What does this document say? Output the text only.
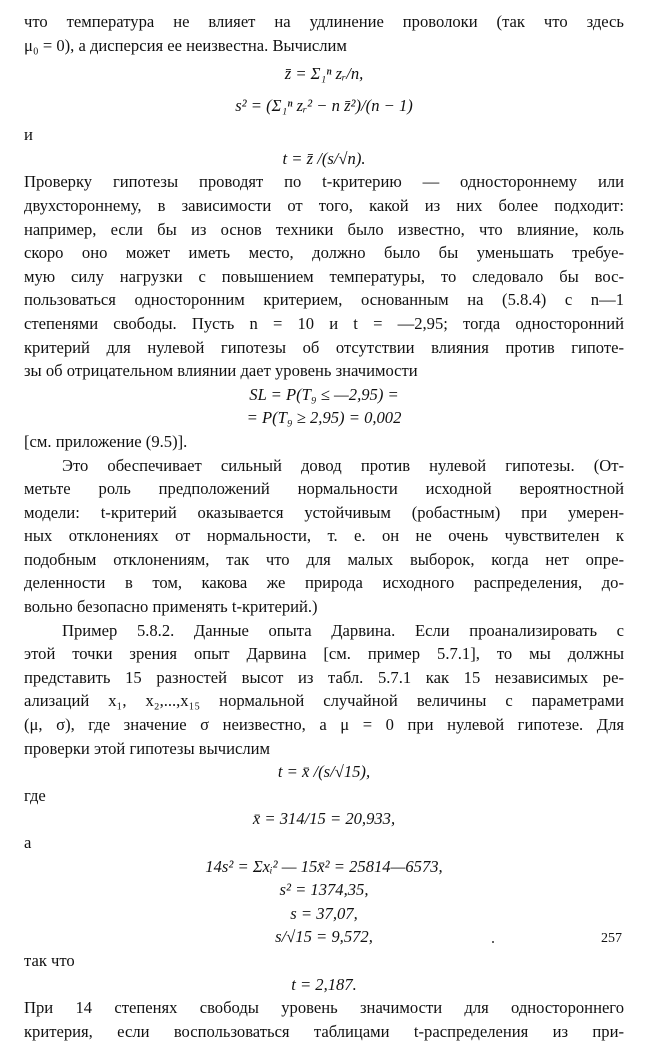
что температура не влияет на удлинение проволоки (так что здесь
μ₀ = 0), а дисперсия ее неизвестна. Вычислим
z̄ = Σ₁ⁿ zᵣ/n,
s² = (Σ₁ⁿ zᵣ² − n z̄²)/(n − 1)
и
t = z̄ /(s/√n).
Проверку гипотезы проводят по t-критерию — одностороннему или
двухстороннему, в зависимости от того, какой из них более подходит:
например, если бы из основ техники было известно, что влияние, коль
скоро оно может иметь место, должно было бы уменьшать требуе-
мую силу нагрузки с повышением температуры, то следовало бы вос-
пользоваться односторонним критерием, основанным на (5.8.4) с n—1
степенями свободы. Пусть n = 10 и t = —2,95; тогда односторонний
критерий для нулевой гипотезы об отсутствии влияния против гипоте-
зы об отрицательном влиянии дает уровень значимости
SL = P(T₉ ≤ —2,95) =
= P(T₉ ≥ 2,95) = 0,002
[см. приложение (9.5)].
Это обеспечивает сильный довод против нулевой гипотезы. (От-
метьте роль предположений нормальности исходной вероятностной
модели: t-критерий оказывается устойчивым (робастным) при умерен-
ных отклонениях от нормальности, т. е. он не очень чувствителен к
подобным отклонениям, так что для малых выборок, когда нет опре-
деленности в том, какова же природа исходного распределения, до-
вольно безопасно применять t-критерий.)
Пример 5.8.2. Данные опыта Дарвина. Если проанализировать с
этой точки зрения опыт Дарвина [см. пример 5.7.1], то мы должны
представить 15 разностей высот из табл. 5.7.1 как 15 независимых ре-
ализаций x₁, x₂,...,x₁₅ нормальной случайной величины с параметрами
(μ, σ), где значение σ неизвестно, а μ = 0 при нулевой гипотезе. Для
проверки этой гипотезы вычислим
t = x̄ /(s/√15),
где
x̄ = 314/15 = 20,933,
а
14s² = Σxᵢ² — 15x̄² = 25814—6573,
s² = 1374,35,
s = 37,07,
s/√15 = 9,572,
так что
t = 2,187.
При 14 степенях свободы уровень значимости для одностороннего
критерия, если воспользоваться таблицами t-распределения из при-
257
